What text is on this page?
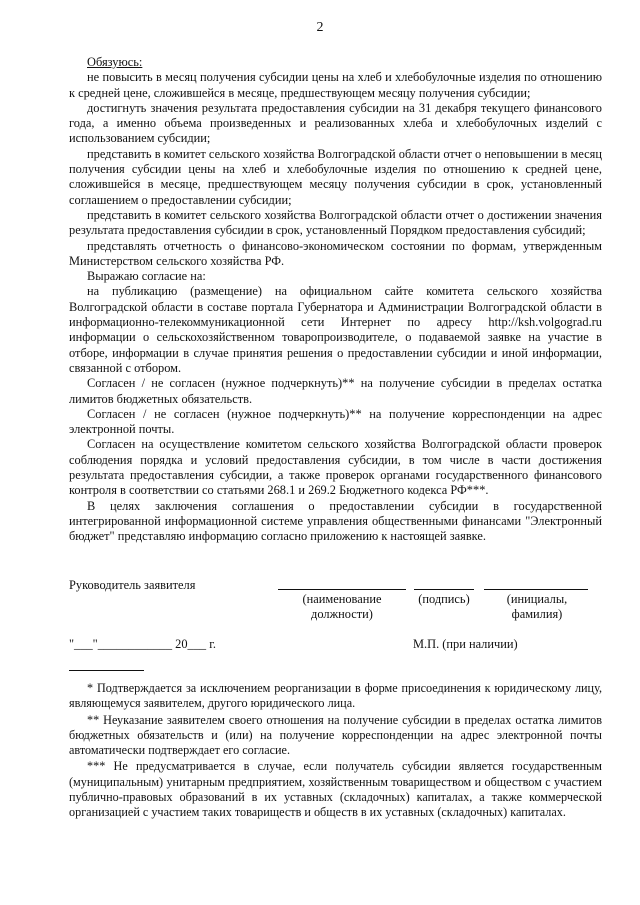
2

Обязуюсь:

не повысить в месяц получения субсидии цены на хлеб и хлебобулочные изделия по отношению к средней цене, сложившейся в месяце, предшествующем месяцу получения субсидии;

достигнуть значения результата предоставления субсидии на 31 декабря текущего финансового года, а именно объема произведенных и реализованных хлеба и хлебобулочных изделий с использованием субсидии;

представить в комитет сельского хозяйства Волгоградской области отчет о неповышении в месяц получения субсидии цены на хлеб и хлебобулочные изделия по отношению к средней цене, сложившейся в месяце, предшествующем месяцу получения субсидии в срок, установленный соглашением о предоставлении субсидии;

представить в комитет сельского хозяйства Волгоградской области отчет о достижении значения результата предоставления субсидии в срок, установленный Порядком предоставления субсидий;

представлять отчетность о финансово-экономическом состоянии по формам, утвержденным Министерством сельского хозяйства РФ.

Выражаю согласие на:

на публикацию (размещение) на официальном сайте комитета сельского хозяйства Волгоградской области в составе портала Губернатора и Администрации Волгоградской области в информационно-телекоммуникационной сети Интернет по адресу http://ksh.volgograd.ru информации о сельскохозяйственном товаропроизводителе, о подаваемой заявке на участие в отборе, информации в случае принятия решения о предоставлении субсидии и иной информации, связанной с отбором.

Согласен / не согласен (нужное подчеркнуть)** на получение субсидии в пределах остатка лимитов бюджетных обязательств.

Согласен / не согласен (нужное подчеркнуть)** на получение корреспонденции на адрес электронной почты.

Согласен на осуществление комитетом сельского хозяйства Волгоградской области проверок соблюдения порядка и условий предоставления субсидии, в том числе в части достижения результата предоставления субсидии, а также проверок органами государственного финансового контроля в соответствии со статьями 268.1 и 269.2 Бюджетного кодекса РФ***.

В целях заключения соглашения о предоставлении субсидии в государственной интегрированной информационной системе управления общественными финансами "Электронный бюджет" представляю информацию согласно приложению к настоящей заявке.

Руководитель заявителя
(наименование должности)
(подпись)	(инициалы, фамилия)
"___"____________ 20___ г.	М.П. (при наличии)

* Подтверждается за исключением реорганизации в форме присоединения к юридическому лицу, являющемуся заявителем, другого юридического лица.

** Неуказание заявителем своего отношения на получение субсидии в пределах остатка лимитов бюджетных обязательств и (или) на получение корреспонденции на адрес электронной почты автоматически подтверждает его согласие.

*** Не предусматривается в случае, если получатель субсидии является государственным (муниципальным) унитарным предприятием, хозяйственным товариществом и обществом с участием публично-правовых образований в их уставных (складочных) капиталах, а также коммерческой организацией с участием таких товариществ и обществ в их уставных (складочных) капиталах.
